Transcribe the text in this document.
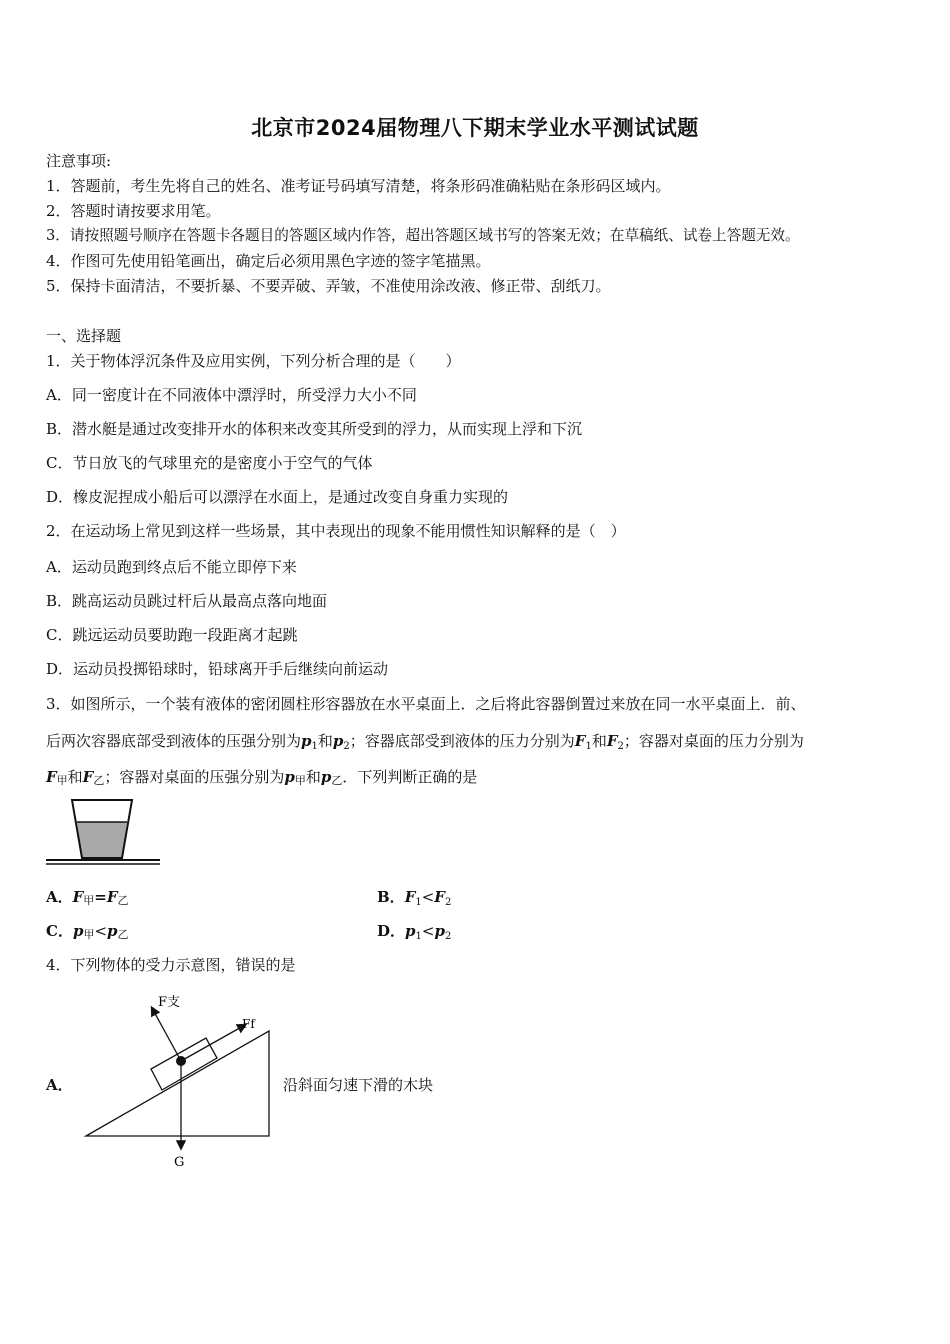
北京市2024届物理八下期末学业水平测试试题
注意事项:
1．答题前，考生先将自己的姓名、准考证号码填写清楚，将条形码准确粘贴在条形码区域内。
2．答题时请按要求用笔。
3．请按照题号顺序在答题卡各题目的答题区域内作答，超出答题区域书写的答案无效；在草稿纸、试卷上答题无效。
4．作图可先使用铅笔画出，确定后必须用黑色字迹的签字笔描黑。
5．保持卡面清洁，不要折暴、不要弄破、弄皱，不准使用涂改液、修正带、刮纸刀。
一、选择题
1．关于物体浮沉条件及应用实例，下列分析合理的是（　　）
A．同一密度计在不同液体中漂浮时，所受浮力大小不同
B．潜水艇是通过改变排开水的体积来改变其所受到的浮力，从而实现上浮和下沉
C．节日放飞的气球里充的是密度小于空气的气体
D．橡皮泥捏成小船后可以漂浮在水面上，是通过改变自身重力实现的
2．在运动场上常见到这样一些场景，其中表现出的现象不能用惯性知识解释的是（　）
A．运动员跑到终点后不能立即停下来
B．跳高运动员跳过杆后从最高点落向地面
C．跳远运动员要助跑一段距离才起跳
D．运动员投掷铅球时，铅球离开手后继续向前运动
3．如图所示，一个装有液体的密闭圆柱形容器放在水平桌面上．之后将此容器倒置过来放在同一水平桌面上．前、
后两次容器底部受到液体的压强分别为$p_1$和$p_2$；容器底部受到液体的压力分别为$F_1$和$F_2$；容器对桌面的压力分别为
F甲和F乙；容器对桌面的压强分别为p甲和p乙．下列判断正确的是
A．F甲=F乙	B．$F_1<F_2$
C．p甲<p乙	D．$p_1<p_2$
4．下列物体的受力示意图，错误的是
A．	沿斜面匀速下滑的木块
F支
Ff
G
